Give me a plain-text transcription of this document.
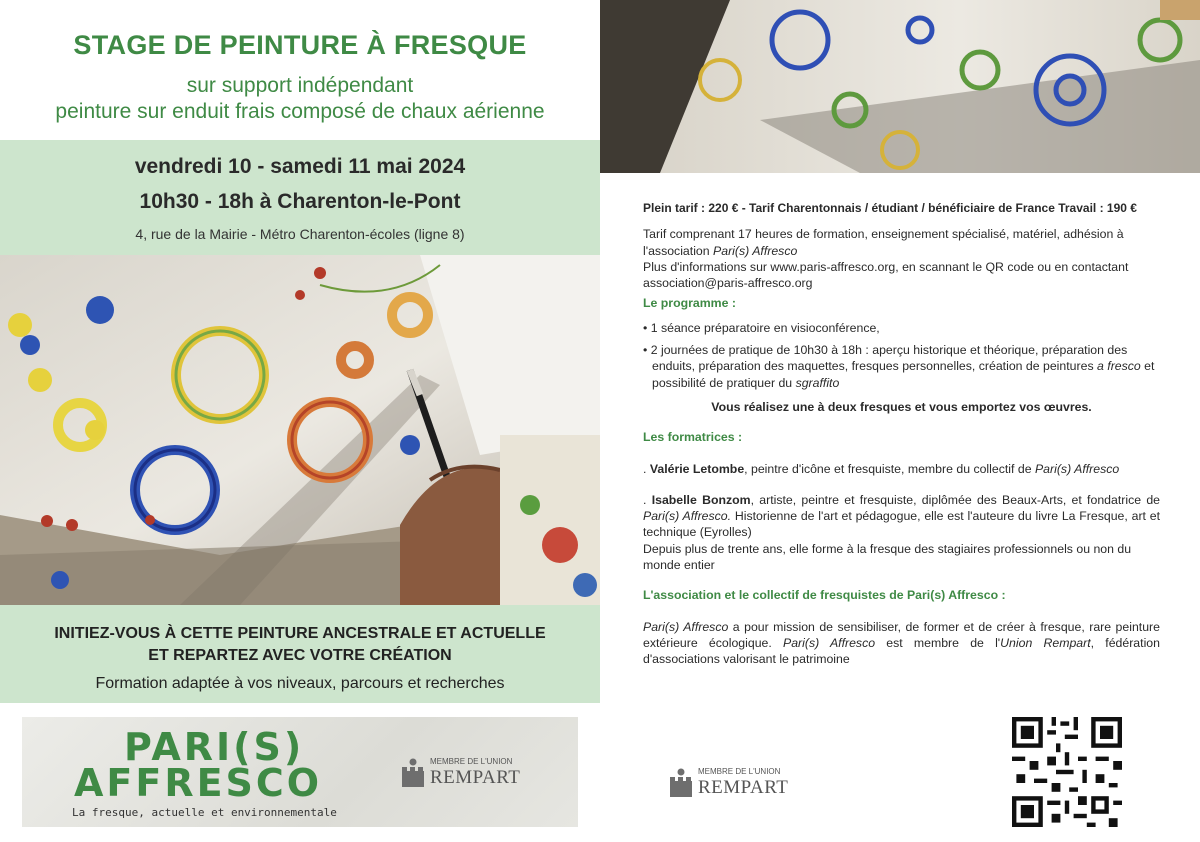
STAGE DE PEINTURE À FRESQUE
sur support indépendant
peinture sur enduit frais composé de chaux aérienne
vendredi 10 - samedi 11 mai 2024
10h30 - 18h à Charenton-le-Pont
4, rue de la Mairie - Métro Charenton-écoles (ligne 8)
INITIEZ-VOUS À CETTE PEINTURE ANCESTRALE ET ACTUELLE
ET REPARTEZ AVEC VOTRE CRÉATION
Formation adaptée à vos niveaux, parcours et recherches
PARI(S)
AFFRESCO
La fresque, actuelle et environnementale
MEMBRE DE L'UNION
REMPART

Plein tarif : 220 € - Tarif Charentonnais / étudiant / bénéficiaire de France Travail : 190 €

Tarif comprenant 17 heures de formation, enseignement spécialisé, matériel, adhésion à l'association Pari(s) Affresco

Plus d'informations sur www.paris-affresco.org, en scannant le QR code ou en contactant association@paris-affresco.org

Le programme :

• 1 séance préparatoire en visioconférence,

• 2 journées de pratique de 10h30 à 18h : aperçu historique et théorique, préparation des enduits, préparation des maquettes, fresques personnelles, création de peintures a fresco et possibilité de pratiquer du sgraffito

Vous réalisez une à deux fresques et vous emportez vos œuvres.

Les formatrices :

. Valérie Letombe, peintre d'icône et fresquiste, membre du collectif de Pari(s) Affresco

. Isabelle Bonzom, artiste, peintre et fresquiste, diplômée des Beaux-Arts, et fondatrice de Pari(s) Affresco. Historienne de l'art et pédagogue, elle est l'auteure du livre La Fresque, art et technique (Eyrolles)

Depuis plus de trente ans, elle forme à la fresque des stagiaires professionnels ou non du monde entier

L'association et le collectif de fresquistes de Pari(s) Affresco :

Pari(s) Affresco a pour mission de sensibiliser, de former et de créer à fresque, rare peinture extérieure écologique. Pari(s) Affresco est membre de l'Union Rempart, fédération d'associations valorisant le patrimoine

MEMBRE DE L'UNION
REMPART
